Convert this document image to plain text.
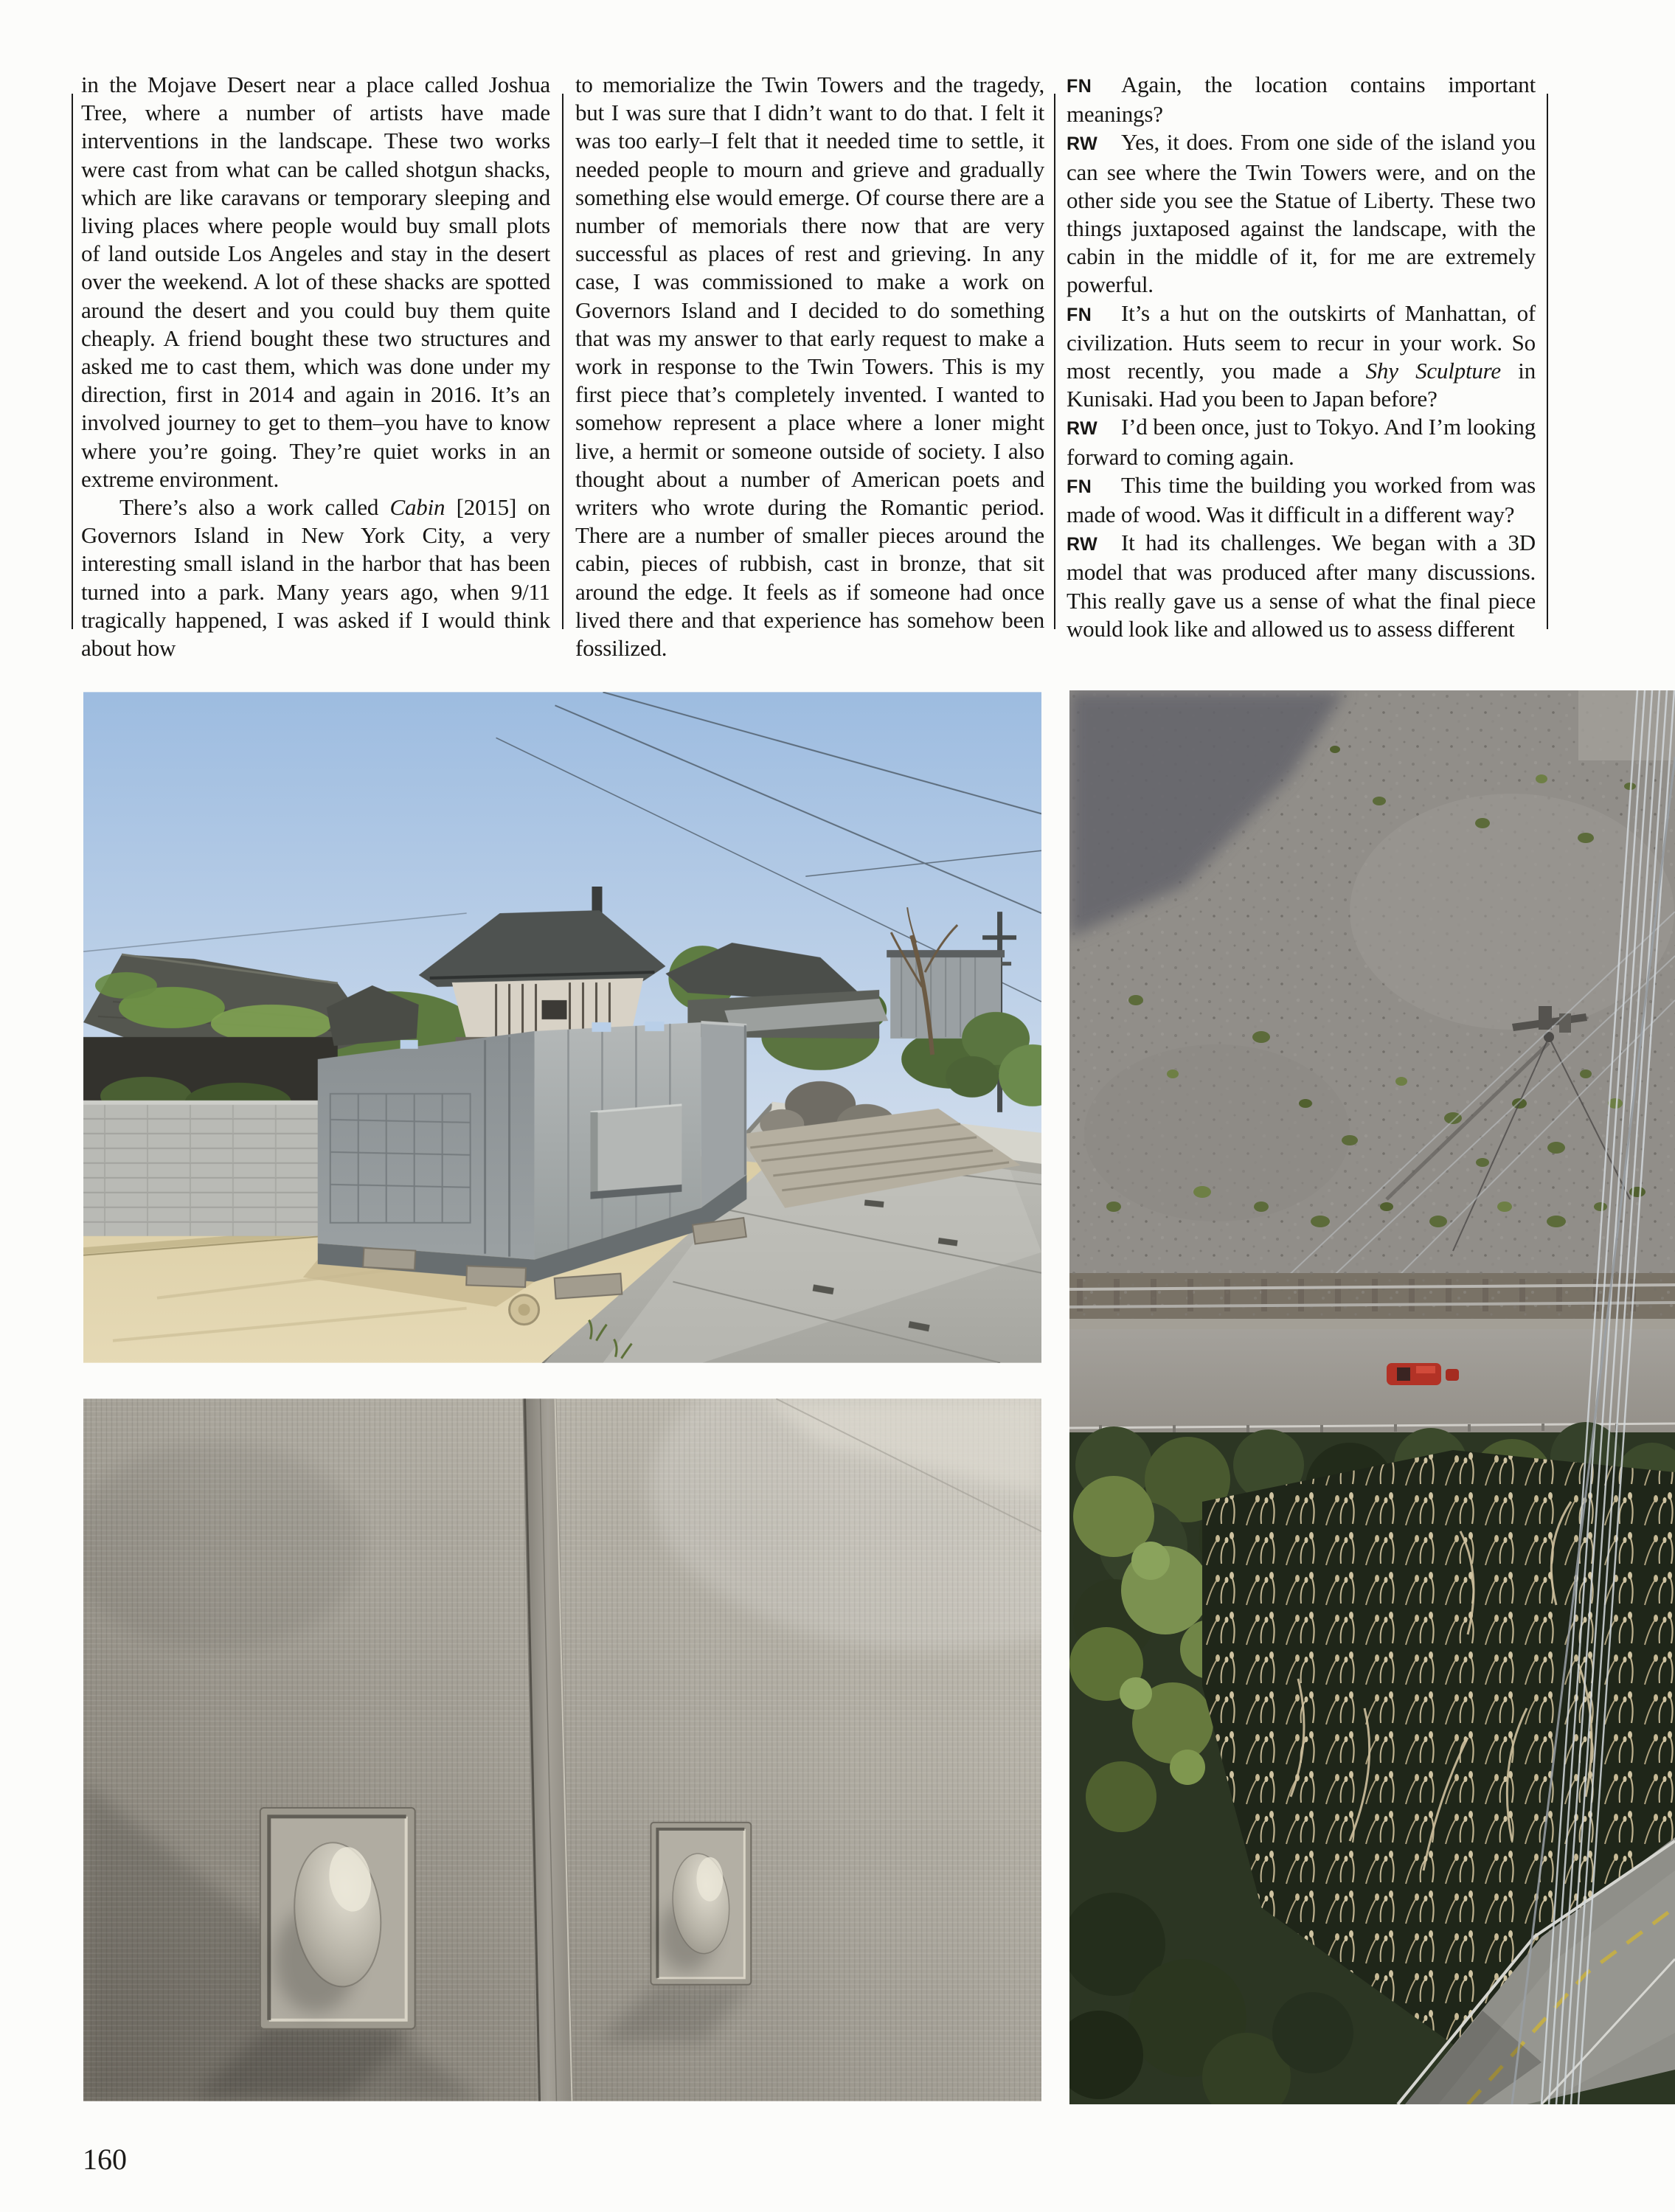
in the Mojave Desert near a place called Joshua Tree, where a number of artists have made interventions in the landscape. These two works were cast from what can be called shotgun shacks, which are like caravans or temporary sleeping and living places where people would buy small plots of land outside Los Angeles and stay in the desert over the weekend. A lot of these shacks are spotted around the desert and you could buy them quite cheaply. A friend bought these two structures and asked me to cast them, which was done under my direction, first in 2014 and again in 2016. It’s an involved journey to get to them–you have to know where you’re going. They’re quiet works in an extreme environment.

There’s also a work called Cabin [2015] on Governors Island in New York City, a very interesting small island in the harbor that has been turned into a park. Many years ago, when 9/11 tragically happened, I was asked if I would think about how

to memorialize the Twin Towers and the tragedy, but I was sure that I didn’t want to do that. I felt it was too early–I felt that it needed time to settle, it needed people to mourn and grieve and gradually something else would emerge. Of course there are a number of memorials there now that are very successful as places of rest and grieving. In any case, I was commissioned to make a work on Governors Island and I decided to do something that was my answer to that early request to make a work in response to the Twin Towers. This is my first piece that’s completely invented. I wanted to somehow represent a place where a loner might live, a hermit or someone outside of society. I also thought about a number of American poets and writers who wrote during the Romantic period. There are a number of smaller pieces around the cabin, pieces of rubbish, cast in bronze, that sit around the edge. It feels as if someone had once lived there and that experience has somehow been fossilized.

FN Again, the location contains important meanings?

RW Yes, it does. From one side of the island you can see where the Twin Towers were, and on the other side you see the Statue of Liberty. These two things juxtaposed against the landscape, with the cabin in the middle of it, for me are extremely powerful.

FN It’s a hut on the outskirts of Manhattan, of civilization. Huts seem to recur in your work. So most recently, you made a Shy Sculpture in Kunisaki. Had you been to Japan before?

RW I’d been once, just to Tokyo. And I’m looking forward to coming again.

FN This time the building you worked from was made of wood. Was it difficult in a different way?

RW It had its challenges. We began with a 3D model that was produced after many discussions. This really gave us a sense of what the final piece would look like and allowed us to assess different

160
